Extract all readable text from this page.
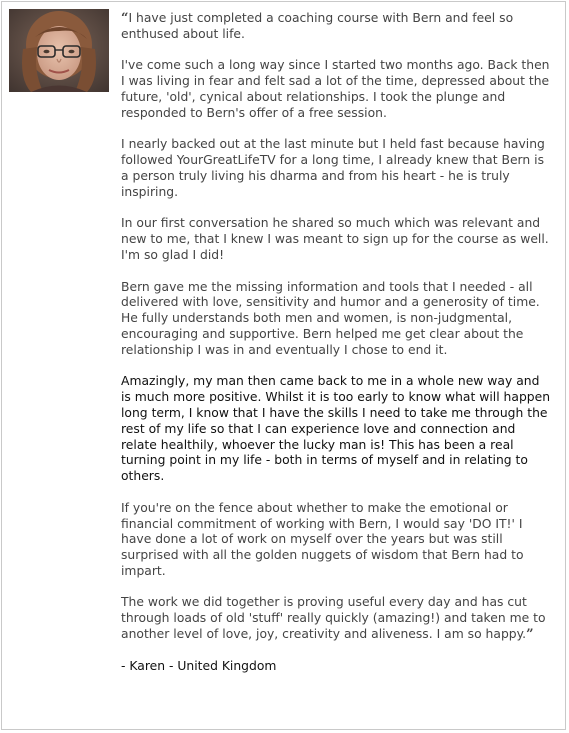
“I have just completed a coaching course with Bern and feel so enthused about life.

I've come such a long way since I started two months ago. Back then I was living in fear and felt sad a lot of the time, depressed about the future, 'old', cynical about relationships. I took the plunge and responded to Bern's offer of a free session.

I nearly backed out at the last minute but I held fast because having followed YourGreatLifeTV for a long time, I already knew that Bern is a person truly living his dharma and from his heart - he is truly inspiring.

In our first conversation he shared so much which was relevant and new to me, that I knew I was meant to sign up for the course as well. I'm so glad I did!

Bern gave me the missing information and tools that I needed - all delivered with love, sensitivity and humor and a generosity of time. He fully understands both men and women, is non-judgmental, encouraging and supportive. Bern helped me get clear about the relationship I was in and eventually I chose to end it.

Amazingly, my man then came back to me in a whole new way and is much more positive. Whilst it is too early to know what will happen long term, I know that I have the skills I need to take me through the rest of my life so that I can experience love and connection and relate healthily, whoever the lucky man is! This has been a real turning point in my life - both in terms of myself and in relating to others.

If you're on the fence about whether to make the emotional or financial commitment of working with Bern, I would say 'DO IT!' I have done a lot of work on myself over the years but was still surprised with all the golden nuggets of wisdom that Bern had to impart.

The work we did together is proving useful every day and has cut through loads of old 'stuff' really quickly (amazing!) and taken me to another level of love, joy, creativity and aliveness. I am so happy.”

- Karen - United Kingdom
